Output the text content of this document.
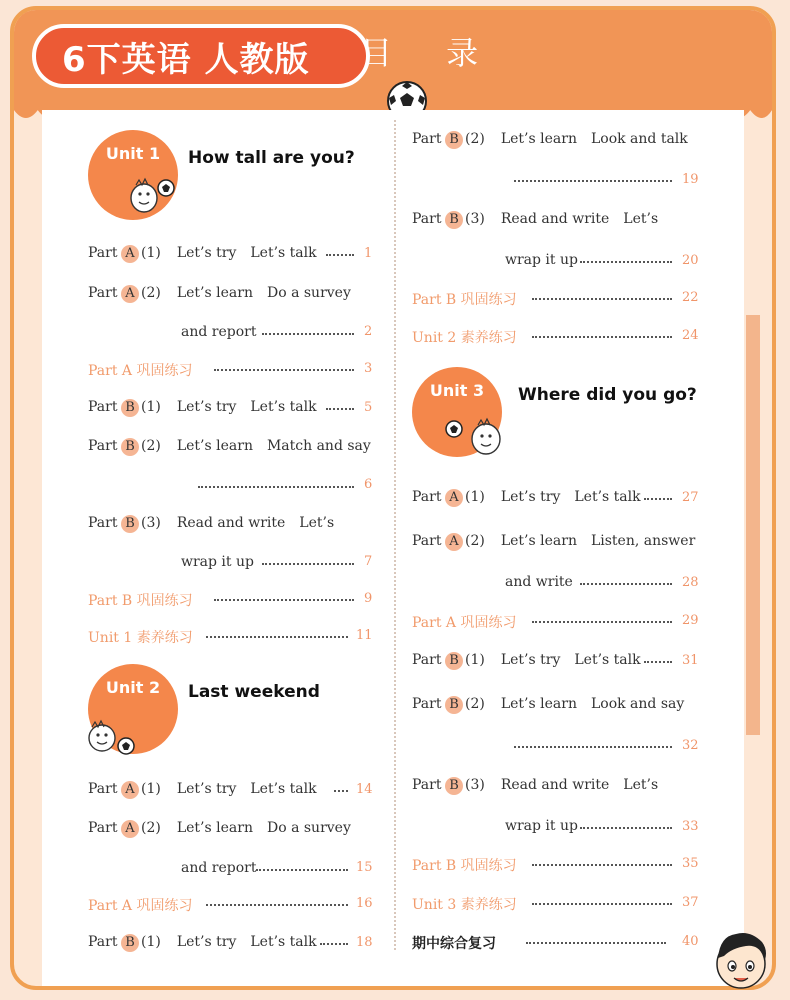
6下英语 人教版 目 录
Unit 1	How tall are you?
Part A (1) Let’s try Let’s talk	1
Part A (2) Let’s learn Do a survey
and report	2
Part A 巩固练习	3
Part B (1) Let’s try Let’s talk	5
Part B (2) Let’s learn Match and say
6
Part B (3) Read and write Let’s
wrap it up	7
Part B 巩固练习	9
Unit 1 素养练习	11
Unit 2	Last weekend
Part A (1) Let’s try Let’s talk	14
Part A (2) Let’s learn Do a survey
and report	15
Part A 巩固练习	16
Part B (1) Let’s try Let’s talk	18
Part B (2) Let’s learn Look and talk
19
Part B (3) Read and write Let’s
wrap it up	20
Part B 巩固练习	22
Unit 2 素养练习	24
Unit 3	Where did you go?
Part A (1) Let’s try Let’s talk	27
Part A (2) Let’s learn Listen, answer
and write	28
Part A 巩固练习	29
Part B (1) Let’s try Let’s talk	31
Part B (2) Let’s learn Look and say
32
Part B (3) Read and write Let’s
wrap it up	33
Part B 巩固练习	35
Unit 3 素养练习	37
期中综合复习	40
